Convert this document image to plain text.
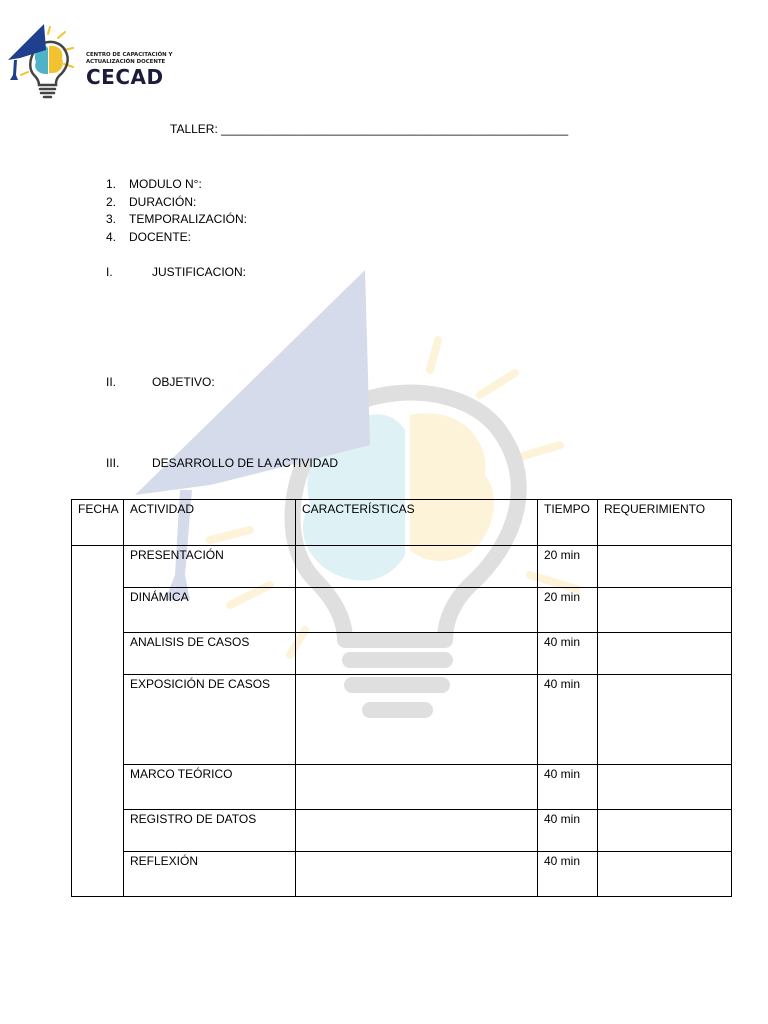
CENTRO DE CAPACITACIÓN Y
ACTUALIZACIÓN DOCENTE
CECAD
TALLER: ____________________________________________________
1.	MODULO N°:
2.	DURACIÓN:
3.	TEMPORALIZACIÓN:
4.	DOCENTE:
I.	JUSTIFICACION:
II.	OBJETIVO:
III.	DESARROLLO DE LA ACTIVIDAD
FECHA	ACTIVIDAD	CARACTERÍSTICAS	TIEMPO	REQUERIMIENTO
	PRESENTACIÓN		20 min	
	DINÁMICA		20 min	
	ANALISIS DE CASOS		40 min	
	EXPOSICIÓN DE CASOS		40 min	
	MARCO TEÓRICO		40 min	
	REGISTRO DE DATOS		40 min	
	REFLEXIÓN		40 min	
